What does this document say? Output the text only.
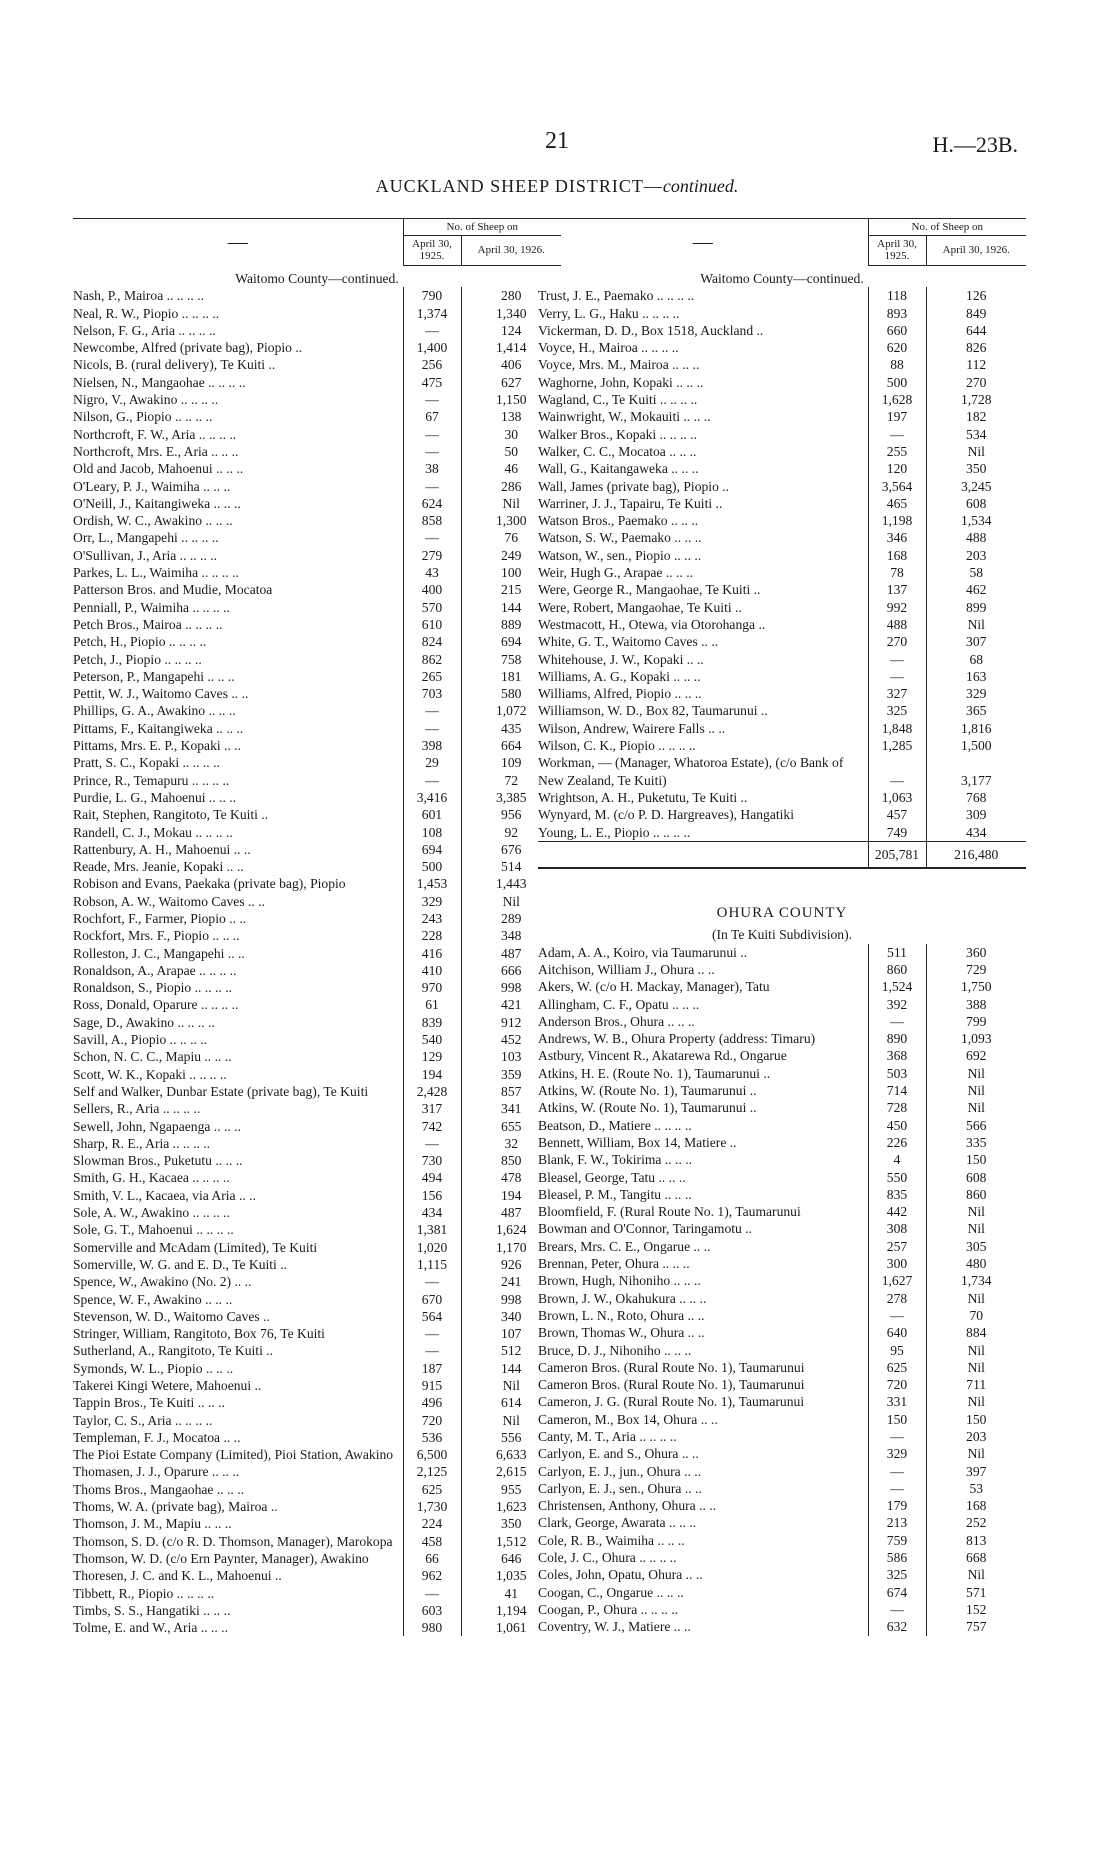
21	H.—23B.
AUCKLAND SHEEP DISTRICT—continued.
—	No. of Sheep on	
	April 30, 1925.	April 30, 1926.
Waitomo County—continued.		
Nash, P., Mairoa .. .. .. ..	790	280
Neal, R. W., Piopio .. .. .. ..	1,374	1,340
Nelson, F. G., Aria .. .. .. ..	—	124
Newcombe, Alfred (private bag), Piopio ..	1,400	1,414
Nicols, B. (rural delivery), Te Kuiti ..	256	406
Nielsen, N., Mangaohae .. .. .. ..	475	627
Nigro, V., Awakino .. .. .. ..	—	1,150
Nilson, G., Piopio .. .. .. ..	67	138
Northcroft, F. W., Aria .. .. .. ..	—	30
Northcroft, Mrs. E., Aria .. .. ..	—	50
Old and Jacob, Mahoenui .. .. ..	38	46
O'Leary, P. J., Waimiha .. .. ..	—	286
O'Neill, J., Kaitangiweka .. .. ..	624	Nil
Ordish, W. C., Awakino .. .. ..	858	1,300
Orr, L., Mangapehi .. .. .. ..	—	76
O'Sullivan, J., Aria .. .. .. ..	279	249
Parkes, L. L., Waimiha .. .. .. ..	43	100
Patterson Bros. and Mudie, Mocatoa	400	215
Penniall, P., Waimiha .. .. .. ..	570	144
Petch Bros., Mairoa .. .. .. ..	610	889
Petch, H., Piopio .. .. .. ..	824	694
Petch, J., Piopio .. .. .. ..	862	758
Peterson, P., Mangapehi .. .. ..	265	181
Pettit, W. J., Waitomo Caves .. ..	703	580
Phillips, G. A., Awakino .. .. ..	—	1,072
Pittams, F., Kaitangiweka .. .. ..	—	435
Pittams, Mrs. E. P., Kopaki .. ..	398	664
Pratt, S. C., Kopaki .. .. .. ..	29	109
Prince, R., Temapuru .. .. .. ..	—	72
Purdie, L. G., Mahoenui .. .. ..	3,416	3,385
Rait, Stephen, Rangitoto, Te Kuiti ..	601	956
Randell, C. J., Mokau .. .. .. ..	108	92
Rattenbury, A. H., Mahoenui .. ..	694	676
Reade, Mrs. Jeanie, Kopaki .. ..	500	514
Robison and Evans, Paekaka (private bag), Piopio	1,453	1,443
Robson, A. W., Waitomo Caves .. ..	329	Nil
Rochfort, F., Farmer, Piopio .. ..	243	289
Rockfort, Mrs. F., Piopio .. .. ..	228	348
Rolleston, J. C., Mangapehi .. ..	416	487
Ronaldson, A., Arapae .. .. .. ..	410	666
Ronaldson, S., Piopio .. .. .. ..	970	998
Ross, Donald, Oparure .. .. .. ..	61	421
Sage, D., Awakino .. .. .. ..	839	912
Savill, A., Piopio .. .. .. ..	540	452
Schon, N. C. C., Mapiu .. .. ..	129	103
Scott, W. K., Kopaki .. .. .. ..	194	359
Self and Walker, Dunbar Estate (private bag), Te Kuiti	2,428	857
Sellers, R., Aria .. .. .. ..	317	341
Sewell, John, Ngapaenga .. .. ..	742	655
Sharp, R. E., Aria .. .. .. ..	—	32
Slowman Bros., Puketutu .. .. ..	730	850
Smith, G. H., Kacaea .. .. .. ..	494	478
Smith, V. L., Kacaea, via Aria .. ..	156	194
Sole, A. W., Awakino .. .. .. ..	434	487
Sole, G. T., Mahoenui .. .. .. ..	1,381	1,624
Somerville and McAdam (Limited), Te Kuiti	1,020	1,170
Somerville, W. G. and E. D., Te Kuiti ..	1,115	926
Spence, W., Awakino (No. 2) .. ..	—	241
Spence, W. F., Awakino .. .. ..	670	998
Stevenson, W. D., Waitomo Caves ..	564	340
Stringer, William, Rangitoto, Box 76, Te Kuiti	—	107
Sutherland, A., Rangitoto, Te Kuiti ..	—	512
Symonds, W. L., Piopio .. .. ..	187	144
Takerei Kingi Wetere, Mahoenui ..	915	Nil
Tappin Bros., Te Kuiti .. .. ..	496	614
Taylor, C. S., Aria .. .. .. ..	720	Nil
Templeman, F. J., Mocatoa .. ..	536	556
The Pioi Estate Company (Limited), Pioi Station, Awakino	6,500	6,633
Thomasen, J. J., Oparure .. .. ..	2,125	2,615
Thoms Bros., Mangaohae .. .. ..	625	955
Thoms, W. A. (private bag), Mairoa ..	1,730	1,623
Thomson, J. M., Mapiu .. .. ..	224	350
Thomson, S. D. (c/o R. D. Thomson, Manager), Marokopa	458	1,512
Thomson, W. D. (c/o Ern Paynter, Manager), Awakino	66	646
Thoresen, J. C. and K. L., Mahoenui ..	962	1,035
Tibbett, R., Piopio .. .. .. ..	—	41
Timbs, S. S., Hangatiki .. .. ..	603	1,194
Tolme, E. and W., Aria .. .. ..	980	1,061
—	No. of Sheep on	
	April 30, 1925.	April 30, 1926.
Waitomo County—continued.		
Trust, J. E., Paemako .. .. .. ..	118	126
Verry, L. G., Haku .. .. .. ..	893	849
Vickerman, D. D., Box 1518, Auckland ..	660	644
Voyce, H., Mairoa .. .. .. ..	620	826
Voyce, Mrs. M., Mairoa .. .. ..	88	112
Waghorne, John, Kopaki .. .. ..	500	270
Wagland, C., Te Kuiti .. .. .. ..	1,628	1,728
Wainwright, W., Mokauiti .. .. ..	197	182
Walker Bros., Kopaki .. .. .. ..	—	534
Walker, C. C., Mocatoa .. .. ..	255	Nil
Wall, G., Kaitangaweka .. .. ..	120	350
Wall, James (private bag), Piopio ..	3,564	3,245
Warriner, J. J., Tapairu, Te Kuiti ..	465	608
Watson Bros., Paemako .. .. ..	1,198	1,534
Watson, S. W., Paemako .. .. ..	346	488
Watson, W., sen., Piopio .. .. ..	168	203
Weir, Hugh G., Arapae .. .. ..	78	58
Were, George R., Mangaohae, Te Kuiti ..	137	462
Were, Robert, Mangaohae, Te Kuiti ..	992	899
Westmacott, H., Otewa, via Otorohanga ..	488	Nil
White, G. T., Waitomo Caves .. ..	270	307
Whitehouse, J. W., Kopaki .. ..	—	68
Williams, A. G., Kopaki .. .. ..	—	163
Williams, Alfred, Piopio .. .. ..	327	329
Williamson, W. D., Box 82, Taumarunui ..	325	365
Wilson, Andrew, Wairere Falls .. ..	1,848	1,816
Wilson, C. K., Piopio .. .. .. ..	1,285	1,500
Workman, — (Manager, Whatoroa Estate), (c/o Bank of New Zealand, Te Kuiti)	—	3,177
Wrightson, A. H., Puketutu, Te Kuiti ..	1,063	768
Wynyard, M. (c/o P. D. Hargreaves), Hangatiki	457	309
Young, L. E., Piopio .. .. .. ..	749	434
	205,781	216,480
OHURA COUNTY		
(In Te Kuiti Subdivision).		
Adam, A. A., Koiro, via Taumarunui ..	511	360
Aitchison, William J., Ohura .. ..	860	729
Akers, W. (c/o H. Mackay, Manager), Tatu	1,524	1,750
Allingham, C. F., Opatu .. .. ..	392	388
Anderson Bros., Ohura .. .. ..	—	799
Andrews, W. B., Ohura Property (address: Timaru)	890	1,093
Astbury, Vincent R., Akatarewa Rd., Ongarue	368	692
Atkins, H. E. (Route No. 1), Taumarunui ..	503	Nil
Atkins, W. (Route No. 1), Taumarunui ..	714	Nil
Atkins, W. (Route No. 1), Taumarunui ..	728	Nil
Beatson, D., Matiere .. .. .. ..	450	566
Bennett, William, Box 14, Matiere ..	226	335
Blank, F. W., Tokirima .. .. ..	4	150
Bleasel, George, Tatu .. .. ..	550	608
Bleasel, P. M., Tangitu .. .. ..	835	860
Bloomfield, F. (Rural Route No. 1), Taumarunui	442	Nil
Bowman and O'Connor, Taringamotu ..	308	Nil
Brears, Mrs. C. E., Ongarue .. ..	257	305
Brennan, Peter, Ohura .. .. ..	300	480
Brown, Hugh, Nihoniho .. .. ..	1,627	1,734
Brown, J. W., Okahukura .. .. ..	278	Nil
Brown, L. N., Roto, Ohura .. ..	—	70
Brown, Thomas W., Ohura .. ..	640	884
Bruce, D. J., Nihoniho .. .. ..	95	Nil
Cameron Bros. (Rural Route No. 1), Taumarunui	625	Nil
Cameron Bros. (Rural Route No. 1), Taumarunui	720	711
Cameron, J. G. (Rural Route No. 1), Taumarunui	331	Nil
Cameron, M., Box 14, Ohura .. ..	150	150
Canty, M. T., Aria .. .. .. ..	—	203
Carlyon, E. and S., Ohura .. ..	329	Nil
Carlyon, E. J., jun., Ohura .. ..	—	397
Carlyon, E. J., sen., Ohura .. ..	—	53
Christensen, Anthony, Ohura .. ..	179	168
Clark, George, Awarata .. .. ..	213	252
Cole, R. B., Waimiha .. .. ..	759	813
Cole, J. C., Ohura .. .. .. ..	586	668
Coles, John, Opatu, Ohura .. ..	325	Nil
Coogan, C., Ongarue .. .. ..	674	571
Coogan, P., Ohura .. .. .. ..	—	152
Coventry, W. J., Matiere .. ..	632	757
